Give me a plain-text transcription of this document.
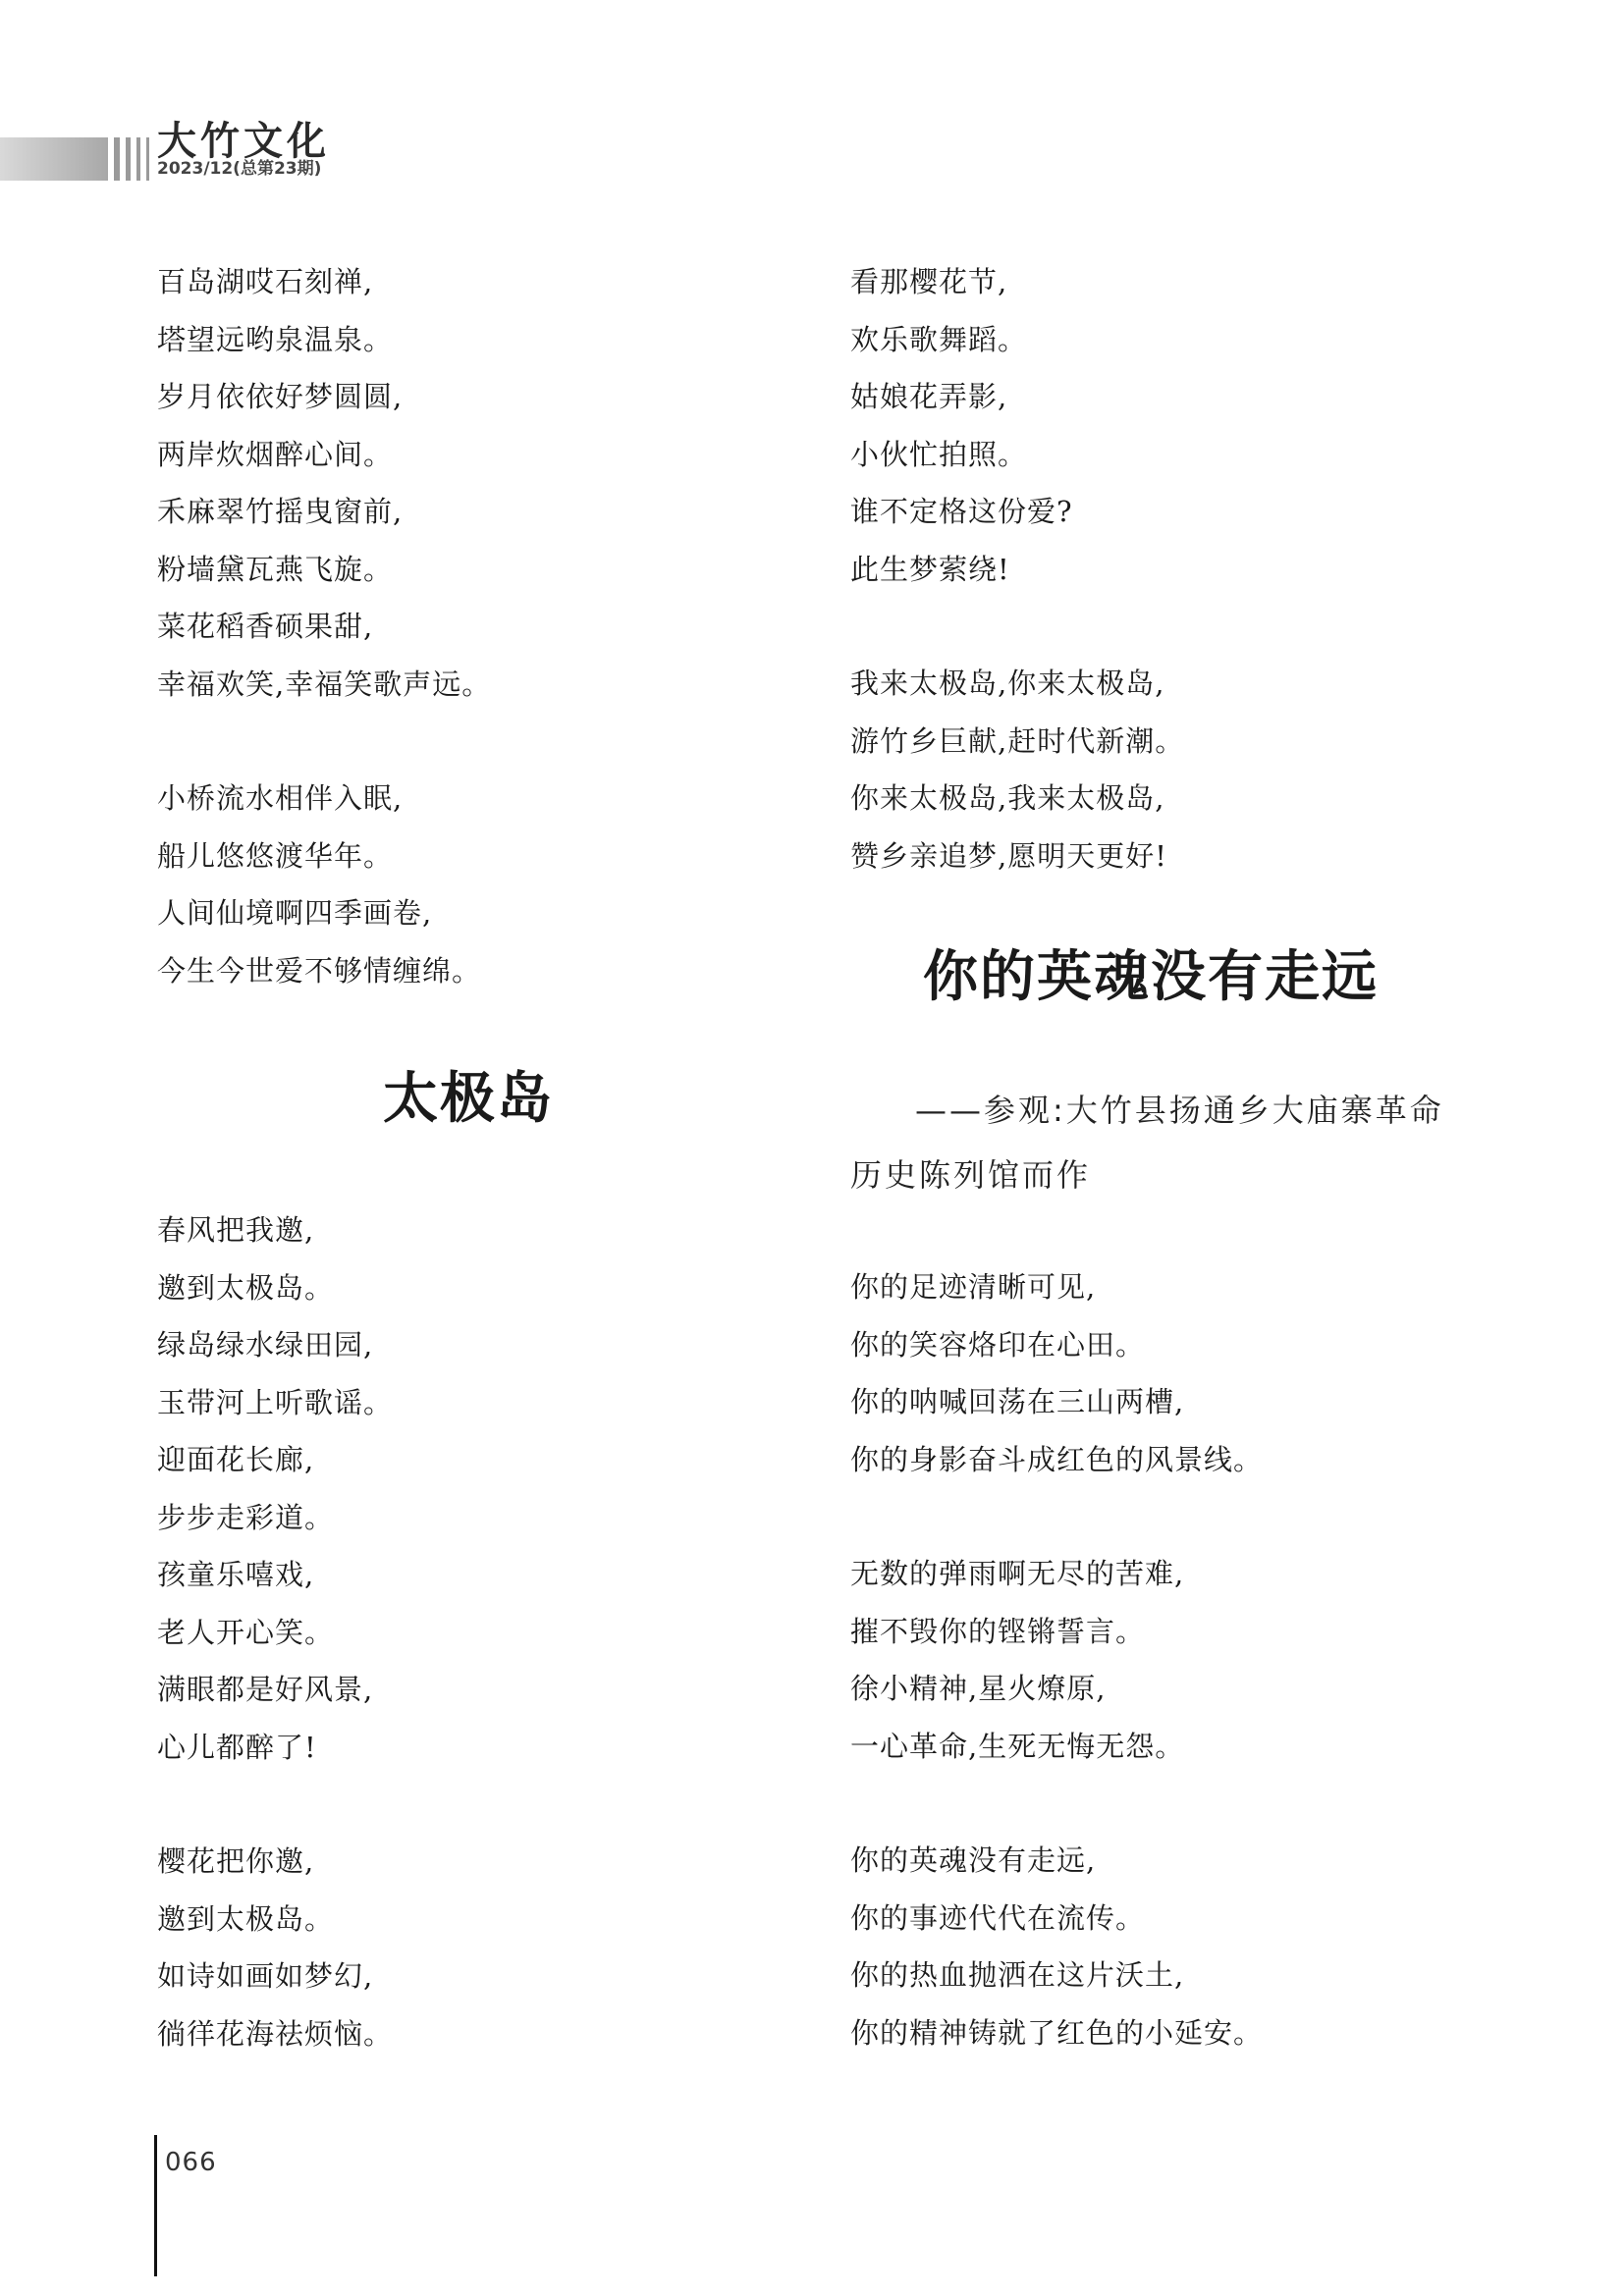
大竹文化
2023/12(总第23期)
百岛湖哎石刻禅,
塔望远哟泉温泉。
岁月依依好梦圆圆,
两岸炊烟醉心间。
禾麻翠竹摇曳窗前,
粉墙黛瓦燕飞旋。
菜花稻香硕果甜,
幸福欢笑,幸福笑歌声远。
小桥流水相伴入眠,
船儿悠悠渡华年。
人间仙境啊四季画卷,
今生今世爱不够情缠绵。
太极岛
春风把我邀,
邀到太极岛。
绿岛绿水绿田园,
玉带河上听歌谣。
迎面花长廊,
步步走彩道。
孩童乐嘻戏,
老人开心笑。
满眼都是好风景,
心儿都醉了!
樱花把你邀,
邀到太极岛。
如诗如画如梦幻,
徜徉花海祛烦恼。
看那樱花节,
欢乐歌舞蹈。
姑娘花弄影,
小伙忙拍照。
谁不定格这份爱?
此生梦萦绕!
我来太极岛,你来太极岛,
游竹乡巨献,赶时代新潮。
你来太极岛,我来太极岛,
赞乡亲追梦,愿明天更好!
你的英魂没有走远
——参观:大竹县扬通乡大庙寨革命
历史陈列馆而作
你的足迹清晰可见,
你的笑容烙印在心田。
你的呐喊回荡在三山两槽,
你的身影奋斗成红色的风景线。
无数的弹雨啊无尽的苦难,
摧不毁你的铿锵誓言。
徐小精神,星火燎原,
一心革命,生死无悔无怨。
你的英魂没有走远,
你的事迹代代在流传。
你的热血抛洒在这片沃土,
你的精神铸就了红色的小延安。
066
